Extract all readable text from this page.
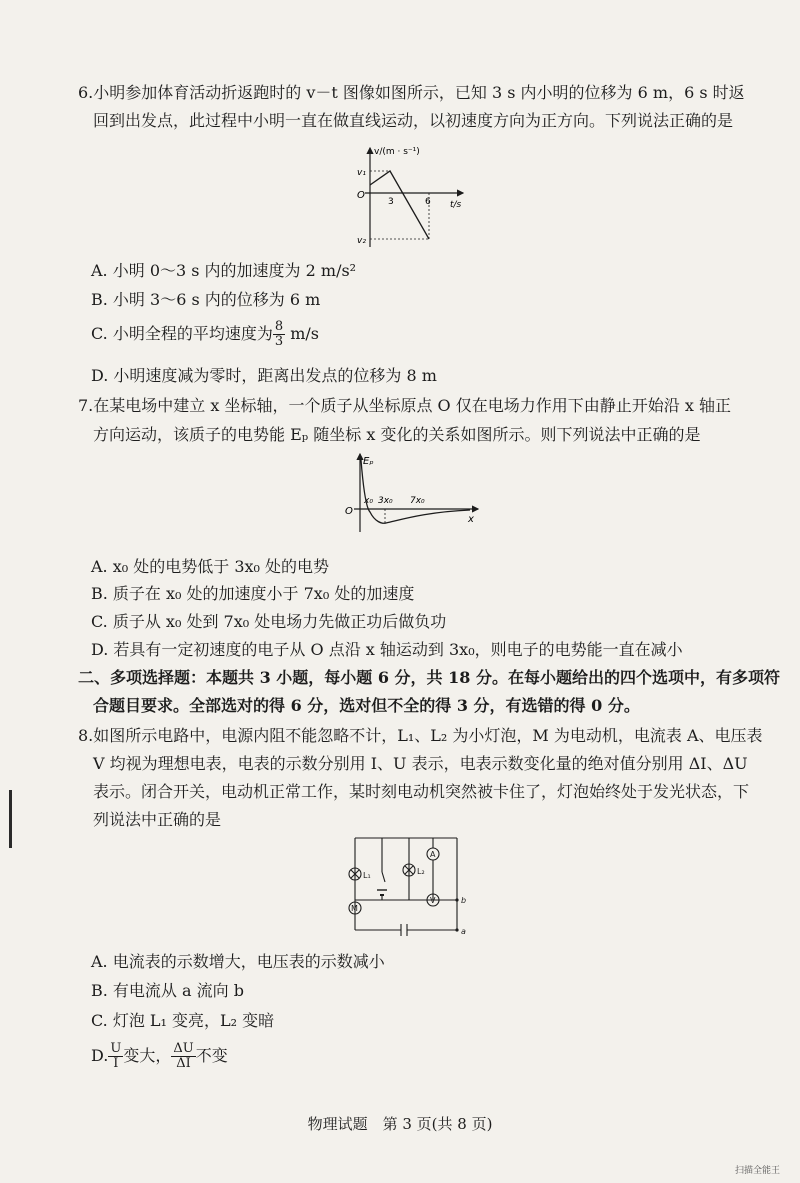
6.小明参加体育活动折返跑时的 v－t 图像如图所示，已知 3 s 内小明的位移为 6 m，6 s 时返
回到出发点，此过程中小明一直在做直线运动，以初速度方向为正方向。下列说法正确的是
v/(m · s⁻¹)
t/s
O
v₁
v₂
3	6
A. 小明 0～3 s 内的加速度为 2 m/s²
B. 小明 3～6 s 内的位移为 6 m
C. 小明全程的平均速度为 $\frac{8}{3} m/s$
D. 小明速度减为零时，距离出发点的位移为 8 m
7.在某电场中建立 x 坐标轴，一个质子从坐标原点 O 仅在电场力作用下由静止开始沿 x 轴正
方向运动，该质子的电势能 Eₚ 随坐标 x 变化的关系如图所示。则下列说法中正确的是
Eₚ
x
O
x₀ 3x₀ 7x₀
A. x₀ 处的电势低于 3x₀ 处的电势
B. 质子在 x₀ 处的加速度小于 7x₀ 处的加速度
C. 质子从 x₀ 处到 7x₀ 处电场力先做正功后做负功
D. 若具有一定初速度的电子从 O 点沿 x 轴运动到 3x₀，则电子的电势能一直在减小
二、多项选择题：本题共 3 小题，每小题 6 分，共 18 分。在每小题给出的四个选项中，有多项符
合题目要求。全部选对的得 6 分，选对但不全的得 3 分，有选错的得 0 分。
8.如图所示电路中，电源内阻不能忽略不计，L₁、L₂ 为小灯泡，M 为电动机，电流表 A、电压表
V 均视为理想电表，电表的示数分别用 I、U 表示，电表示数变化量的绝对值分别用 ΔI、ΔU
表示。闭合开关，电动机正常工作，某时刻电动机突然被卡住了，灯泡始终处于发光状态，下
列说法中正确的是
A
V
M
L₁	L₂
b
a
A. 电流表的示数增大，电压表的示数减小
B. 有电流从 a 流向 b
C. 灯泡 L₁ 变亮，L₂ 变暗
D. $\frac{U}{I}$ 变大， $\frac{\Delta U}{\Delta I}$ 不变
物理试题　第 3 页(共 8 页)
扫描全能王
